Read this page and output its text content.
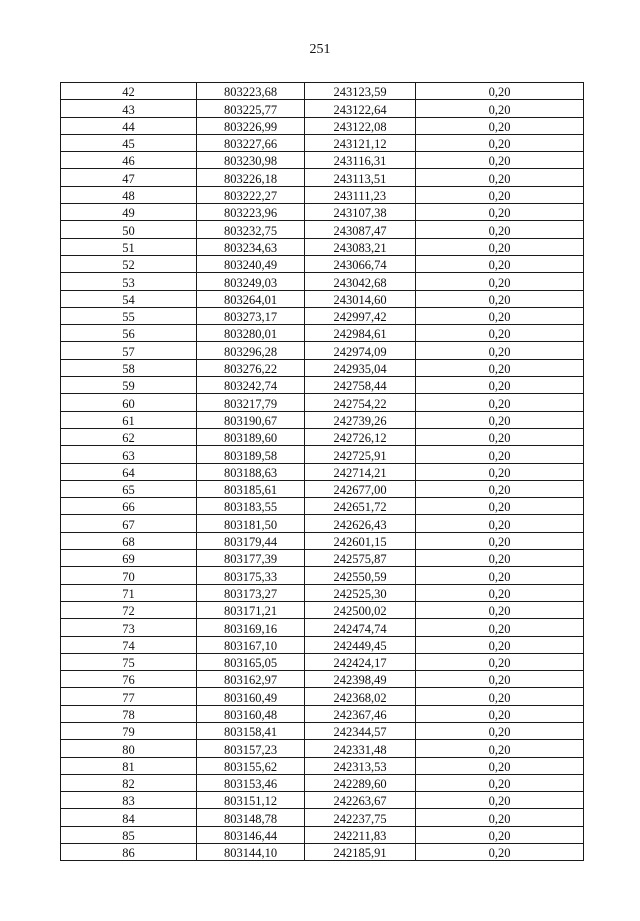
251
42	803223,68	243123,59	0,20
43	803225,77	243122,64	0,20
44	803226,99	243122,08	0,20
45	803227,66	243121,12	0,20
46	803230,98	243116,31	0,20
47	803226,18	243113,51	0,20
48	803222,27	243111,23	0,20
49	803223,96	243107,38	0,20
50	803232,75	243087,47	0,20
51	803234,63	243083,21	0,20
52	803240,49	243066,74	0,20
53	803249,03	243042,68	0,20
54	803264,01	243014,60	0,20
55	803273,17	242997,42	0,20
56	803280,01	242984,61	0,20
57	803296,28	242974,09	0,20
58	803276,22	242935,04	0,20
59	803242,74	242758,44	0,20
60	803217,79	242754,22	0,20
61	803190,67	242739,26	0,20
62	803189,60	242726,12	0,20
63	803189,58	242725,91	0,20
64	803188,63	242714,21	0,20
65	803185,61	242677,00	0,20
66	803183,55	242651,72	0,20
67	803181,50	242626,43	0,20
68	803179,44	242601,15	0,20
69	803177,39	242575,87	0,20
70	803175,33	242550,59	0,20
71	803173,27	242525,30	0,20
72	803171,21	242500,02	0,20
73	803169,16	242474,74	0,20
74	803167,10	242449,45	0,20
75	803165,05	242424,17	0,20
76	803162,97	242398,49	0,20
77	803160,49	242368,02	0,20
78	803160,48	242367,46	0,20
79	803158,41	242344,57	0,20
80	803157,23	242331,48	0,20
81	803155,62	242313,53	0,20
82	803153,46	242289,60	0,20
83	803151,12	242263,67	0,20
84	803148,78	242237,75	0,20
85	803146,44	242211,83	0,20
86	803144,10	242185,91	0,20
